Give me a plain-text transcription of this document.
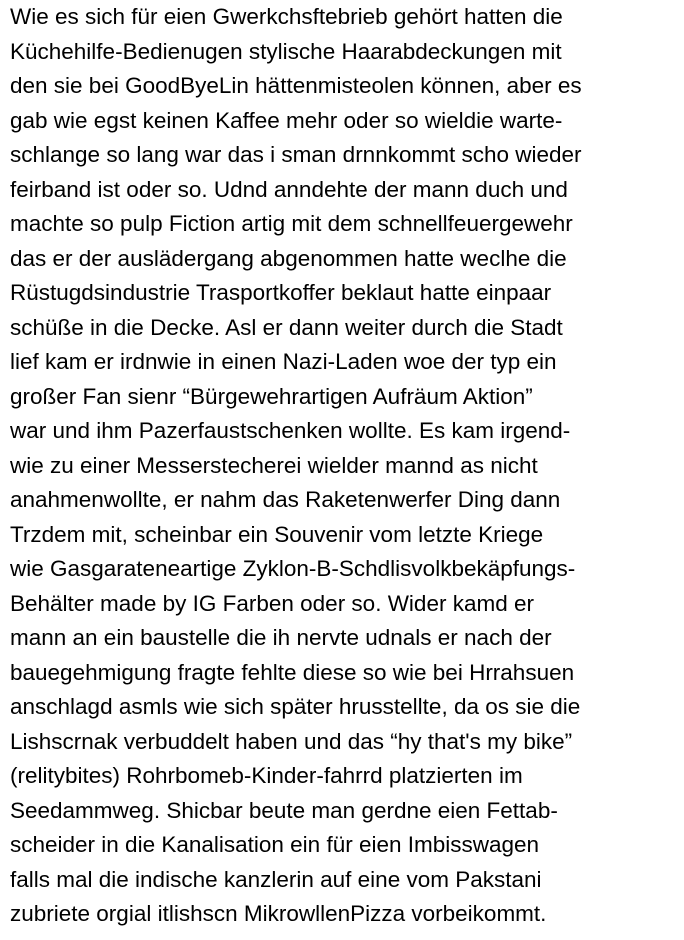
Wie es sich für eien Gwerkchsftebrieb gehört hatten die
Küchehilfe-Bedienugen stylische Haarabdeckungen mit
den sie bei GoodByeLin hättenmisteolen können, aber es
gab wie egst keinen Kaffee mehr oder so wieldie warte-
schlange so lang war das i sman drnnkommt scho wieder
feirband ist oder so. Udnd anndehte der mann duch und
machte so pulp Fiction artig mit dem schnellfeuergewehr
das er der auslädergang abgenommen hatte weclhe die
Rüstugdsindustrie Trasportkoffer beklaut hatte einpaar
schüße in die Decke. Asl er dann weiter durch die Stadt
lief kam er irdnwie in einen Nazi-Laden woe der typ ein
großer Fan sienr “Bürgewehrartigen Aufräum Aktion”
war und ihm Pazerfaustschenken wollte. Es kam irgend-
wie zu einer Messerstecherei wielder mannd as nicht
anahmenwollte, er nahm das Raketenwerfer Ding dann
Trzdem mit, scheinbar ein Souvenir vom letzte Kriege
wie Gasgarateneartige Zyklon-B-Schdlisvolkbekäpfungs-
Behälter made by IG Farben oder so. Wider kamd er
mann an ein baustelle die ih nervte udnals er nach der
bauegehmigung fragte fehlte diese so wie bei Hrrahsuen
anschlagd asmls wie sich später hrusstellte, da os sie die
Lishscrnak verbuddelt haben und das “hy that's my bike”
(relitybites) Rohrbomeb-Kinder-fahrrd platzierten im
Seedammweg. Shicbar beute man gerdne eien Fettab-
scheider in die Kanalisation ein für eien Imbisswagen
falls mal die indische kanzlerin auf eine vom Pakstani
zubriete orgial itlishscn MikrowllenPizza vorbeikommt.
